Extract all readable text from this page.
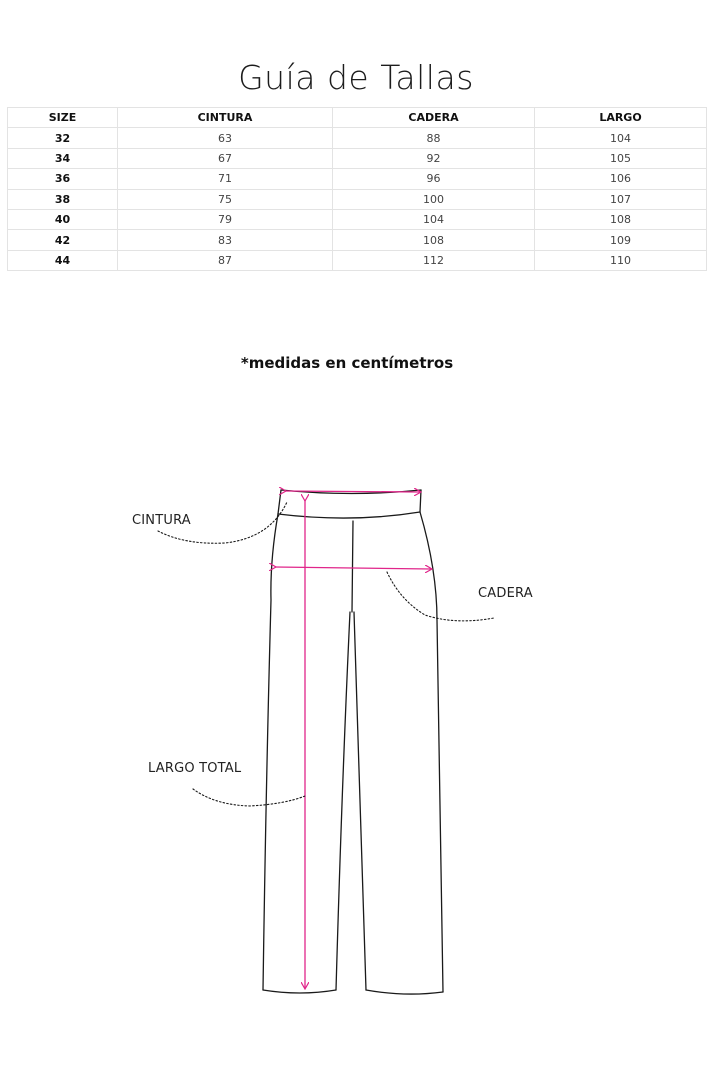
Guía de Tallas
SIZE	CINTURA	CADERA	LARGO
32	63	88	104
34	67	92	105
36	71	96	106
38	75	100	107
40	79	104	108
42	83	108	109
44	87	112	110
*medidas en centímetros
CINTURA
CADERA
LARGO TOTAL
